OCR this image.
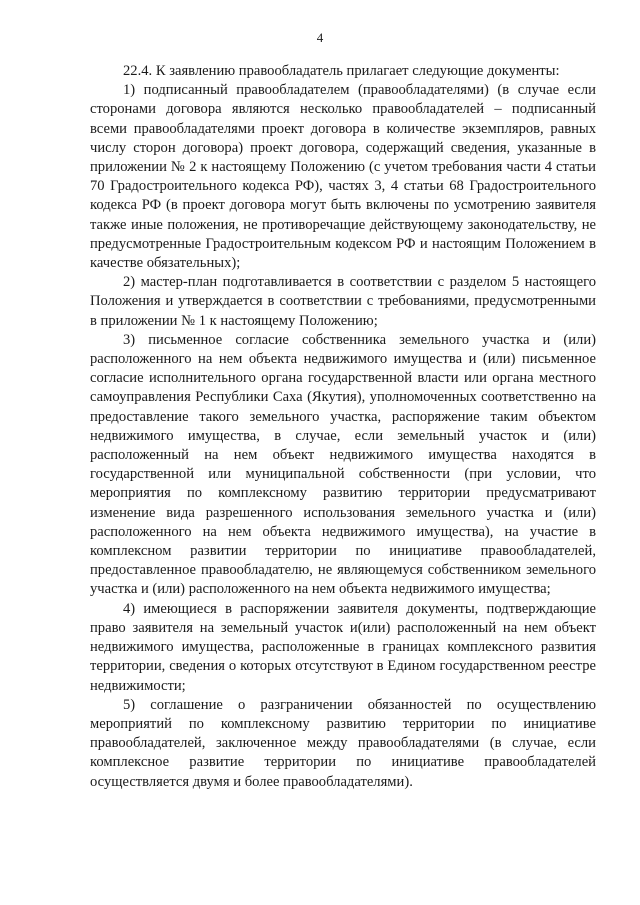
4

22.4. К заявлению правообладатель прилагает следующие документы:

1) подписанный правообладателем (правообладателями) (в случае если сторонами договора являются несколько правообладателей – подписанный всеми правообладателями проект договора в количестве экземпляров, равных числу сторон договора) проект договора, содержащий сведения, указанные в приложении № 2 к настоящему Положению (с учетом требования части 4 статьи 70 Градостроительного кодекса РФ), частях 3, 4 статьи 68 Градостроительного кодекса РФ (в проект договора могут быть включены по усмотрению заявителя также иные положения, не противоречащие действующему законодательству, не предусмотренные Градостроительным кодексом РФ и настоящим Положением в качестве обязательных);

2) мастер-план подготавливается в соответствии с разделом 5 настоящего Положения и утверждается в соответствии с требованиями, предусмотренными в приложении № 1 к настоящему Положению;

3) письменное согласие собственника земельного участка и (или) расположенного на нем объекта недвижимого имущества и (или) письменное согласие исполнительного органа государственной власти или органа местного самоуправления Республики Саха (Якутия), уполномоченных соответственно на предоставление такого земельного участка, распоряжение таким объектом недвижимого имущества, в случае, если земельный участок и (или) расположенный на нем объект недвижимого имущества находятся в государственной или муниципальной собственности (при условии, что мероприятия по комплексному развитию территории предусматривают изменение вида разрешенного использования земельного участка и (или) расположенного на нем объекта недвижимого имущества), на участие в комплексном развитии территории по инициативе правообладателей, предоставленное правообладателю, не являющемуся собственником земельного участка и (или) расположенного на нем объекта недвижимого имущества;

4) имеющиеся в распоряжении заявителя документы, подтверждающие право заявителя на земельный участок и(или) расположенный на нем объект недвижимого имущества, расположенные в границах комплексного развития территории, сведения о которых отсутствуют в Едином государственном реестре недвижимости;

5) соглашение о разграничении обязанностей по осуществлению мероприятий по комплексному развитию территории по инициативе правообладателей, заключенное между правообладателями (в случае, если комплексное развитие территории по инициативе правообладателей осуществляется двумя и более правообладателями).
